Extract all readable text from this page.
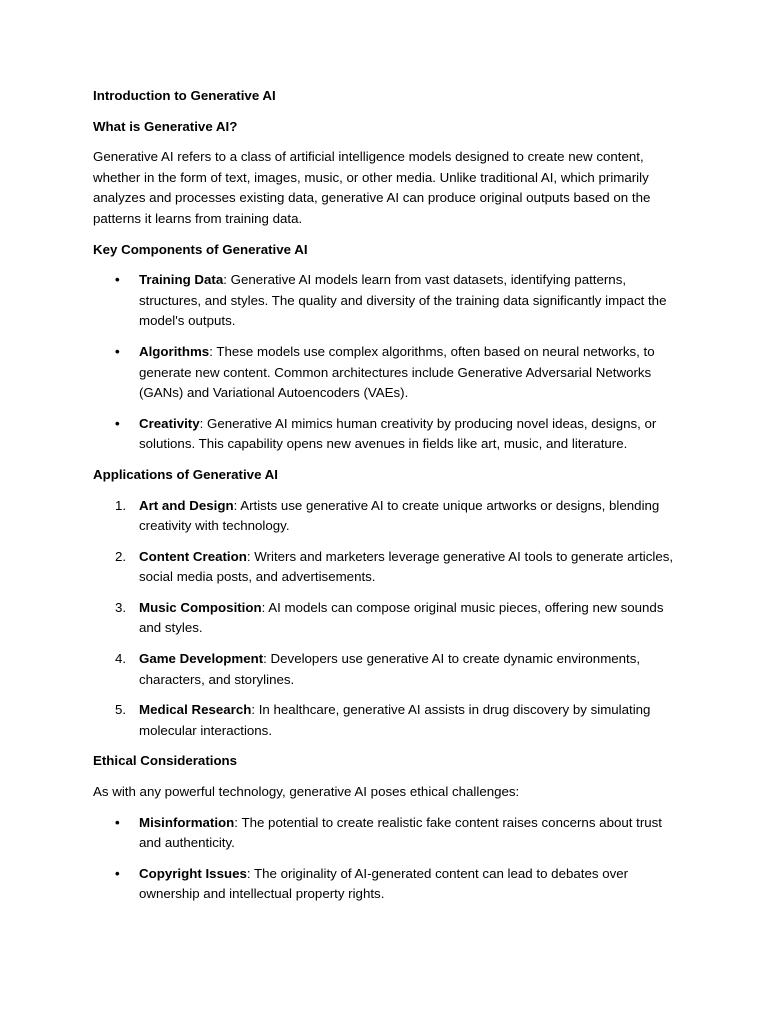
Introduction to Generative AI

What is Generative AI?

Generative AI refers to a class of artificial intelligence models designed to create new content, whether in the form of text, images, music, or other media. Unlike traditional AI, which primarily analyzes and processes existing data, generative AI can produce original outputs based on the patterns it learns from training data.

Key Components of Generative AI

•	Training Data: Generative AI models learn from vast datasets, identifying patterns, structures, and styles. The quality and diversity of the training data significantly impact the model's outputs.
•	Algorithms: These models use complex algorithms, often based on neural networks, to generate new content. Common architectures include Generative Adversarial Networks (GANs) and Variational Autoencoders (VAEs).
•	Creativity: Generative AI mimics human creativity by producing novel ideas, designs, or solutions. This capability opens new avenues in fields like art, music, and literature.

Applications of Generative AI

1. Art and Design: Artists use generative AI to create unique artworks or designs, blending creativity with technology.
2. Content Creation: Writers and marketers leverage generative AI tools to generate articles, social media posts, and advertisements.
3. Music Composition: AI models can compose original music pieces, offering new sounds and styles.
4. Game Development: Developers use generative AI to create dynamic environments, characters, and storylines.
5. Medical Research: In healthcare, generative AI assists in drug discovery by simulating molecular interactions.

Ethical Considerations

As with any powerful technology, generative AI poses ethical challenges:

•	Misinformation: The potential to create realistic fake content raises concerns about trust and authenticity.
•	Copyright Issues: The originality of AI-generated content can lead to debates over ownership and intellectual property rights.
